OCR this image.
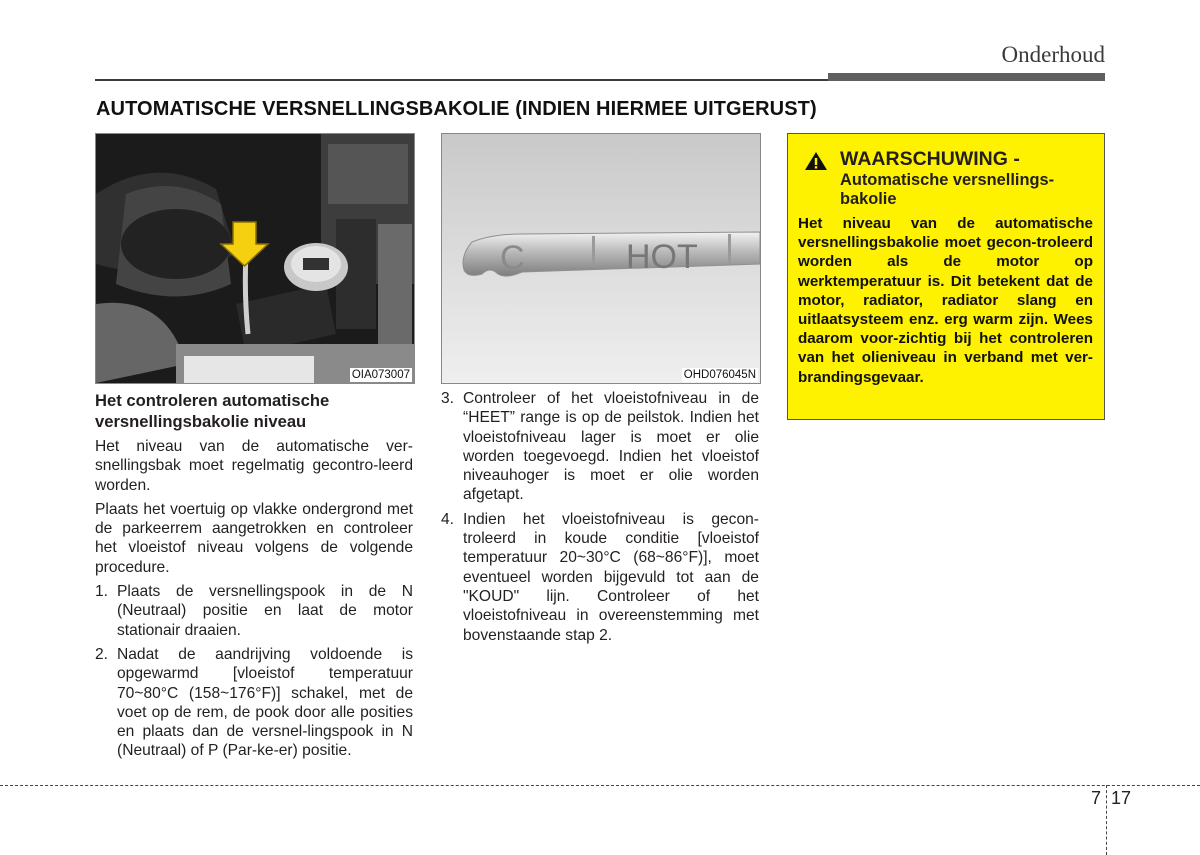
Onderhoud
AUTOMATISCHE VERSNELLINGSBAKOLIE (INDIEN HIERMEE UITGERUST)
OIA073007
C	HOT
OHD076045N
Het controleren automatische versnellingsbakolie niveau

Het niveau van de automatische ver-snellingsbak moet regelmatig gecontro-leerd worden.

Plaats het voertuig op vlakke ondergrond met de parkeerrem aangetrokken en controleer het vloeistof niveau volgens de volgende procedure.

1. Plaats de versnellingspook in de N (Neutraal) positie en laat de motor stationair draaien.
2. Nadat de aandrijving voldoende is opgewarmd [vloeistof temperatuur 70~80°C (158~176°F)] schakel, met de voet op de rem, de pook door alle posities en plaats dan de versnel-lingspook in N (Neutraal) of P (Par-ke-er) positie.
3. Controleer of het vloeistofniveau in de “HEET” range is op de peilstok. Indien het vloeistofniveau lager is moet er olie worden toegevoegd. Indien het vloeistof niveauhoger is moet er olie worden afgetapt.
4. Indien het vloeistofniveau is gecon-troleerd in koude conditie [vloeistof temperatuur 20~30°C (68~86°F)], moet eventueel worden bijgevuld tot aan de "KOUD" lijn. Controleer of het vloeistofniveau in overeenstemming met bovenstaande stap 2.
WAARSCHUWING -
Automatische versnellings-bakolie

Het niveau van de automatische versnellingsbakolie moet gecon-troleerd worden als de motor op werktemperatuur is. Dit betekent dat de motor, radiator, radiator slang en uitlaatsysteem enz. erg warm zijn. Wees daarom voor-zichtig bij het controleren van het olieniveau in verband met ver-brandingsgevaar.

7 17
